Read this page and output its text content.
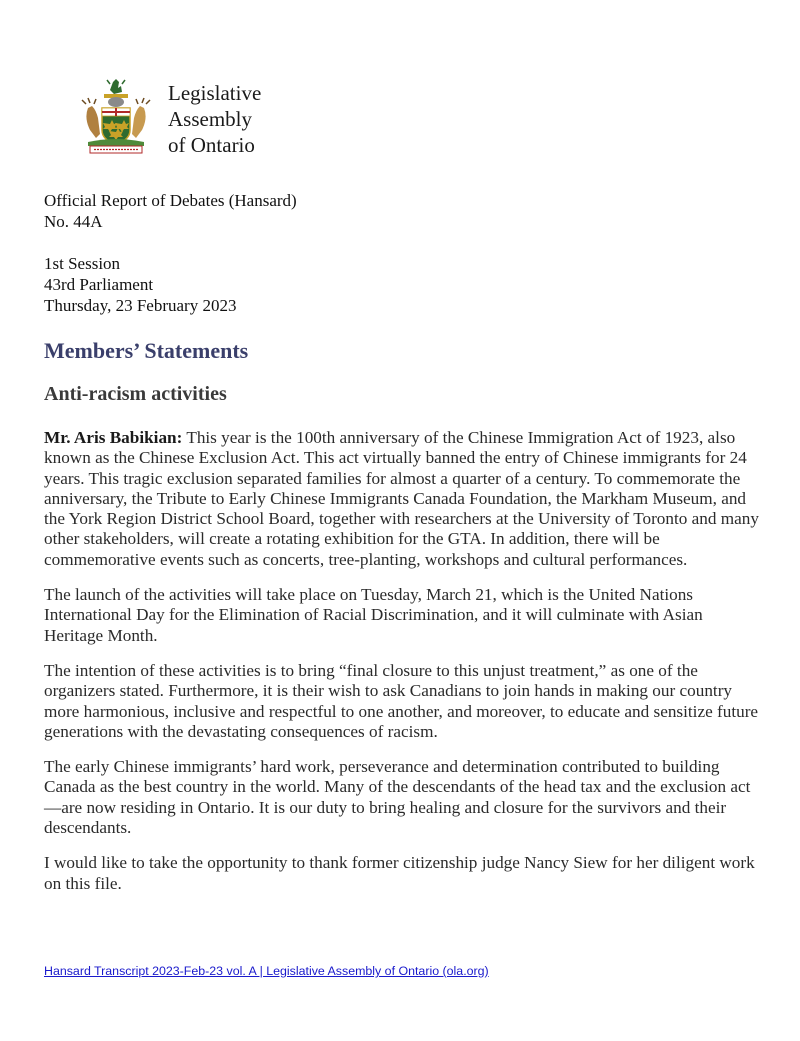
Legislative
Assembly
of Ontario
Official Report of Debates (Hansard)
No. 44A
1st Session
43rd Parliament
Thursday, 23 February 2023
Members’ Statements
Anti-racism activities

Mr. Aris Babikian: This year is the 100th anniversary of the Chinese Immigration Act of 1923, also known as the Chinese Exclusion Act. This act virtually banned the entry of Chinese immigrants for 24 years. This tragic exclusion separated families for almost a quarter of a century. To commemorate the anniversary, the Tribute to Early Chinese Immigrants Canada Foundation, the Markham Museum, and the York Region District School Board, together with researchers at the University of Toronto and many other stakeholders, will create a rotating exhibition for the GTA. In addition, there will be commemorative events such as concerts, tree-planting, workshops and cultural performances.

The launch of the activities will take place on Tuesday, March 21, which is the United Nations International Day for the Elimination of Racial Discrimination, and it will culminate with Asian Heritage Month.

The intention of these activities is to bring “final closure to this unjust treatment,” as one of the organizers stated. Furthermore, it is their wish to ask Canadians to join hands in making our country more harmonious, inclusive and respectful to one another, and moreover, to educate and sensitize future generations with the devastating consequences of racism.

The early Chinese immigrants’ hard work, perseverance and determination contributed to building Canada as the best country in the world. Many of the descendants of the head tax and the exclusion act—are now residing in Ontario. It is our duty to bring healing and closure for the survivors and their descendants.

I would like to take the opportunity to thank former citizenship judge Nancy Siew for her diligent work on this file.

Hansard Transcript 2023-Feb-23 vol. A | Legislative Assembly of Ontario (ola.org)
